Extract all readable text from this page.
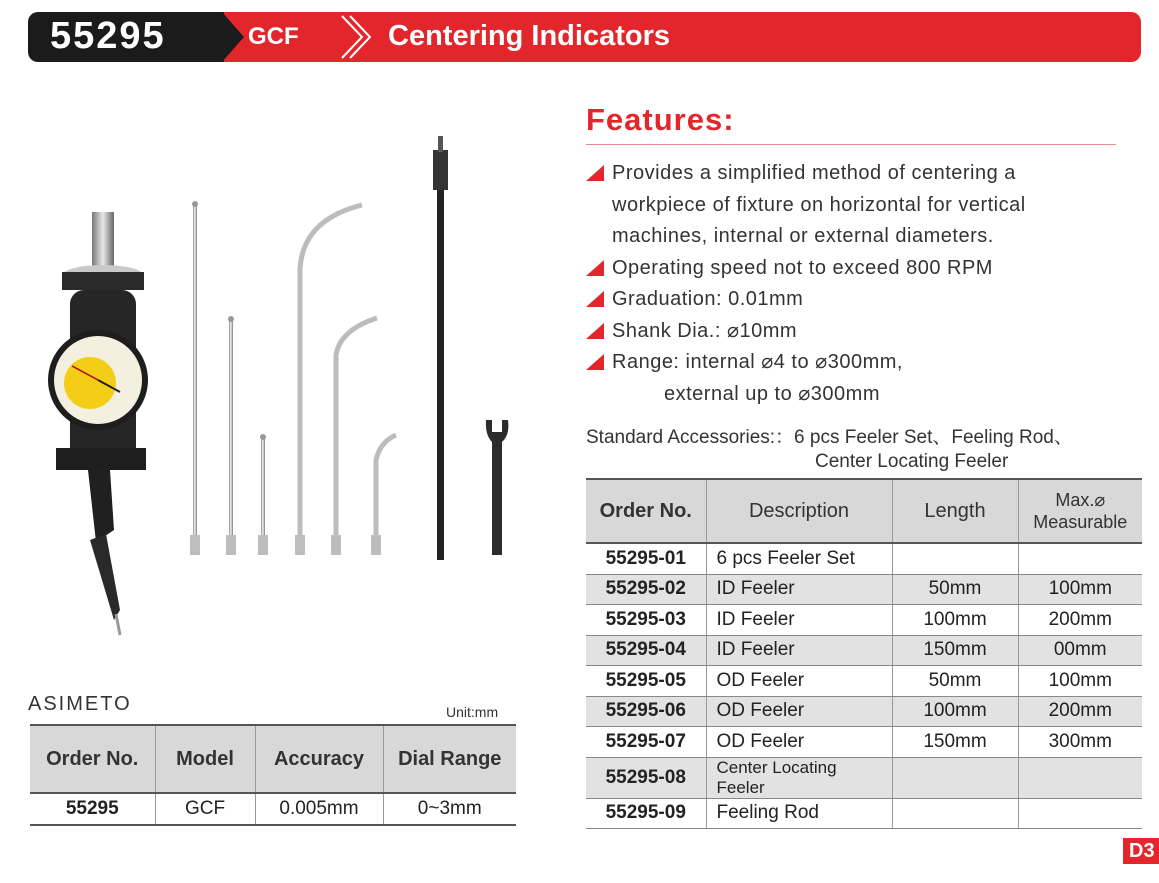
55295	GCF	Centering Indicators
Features:
Provides a simplified method of centering a
workpiece of fixture on horizontal for vertical
machines, internal or external diameters.
Operating speed not to exceed 800 RPM
Graduation: 0.01mm
Shank Dia.: ⌀10mm
Range: internal ⌀4 to ⌀300mm,
external up to ⌀300mm
Standard Accessories:：6 pcs Feeler Set、Feeling Rod、
Center Locating Feeler
Order No.	Description	Length	Max.⌀
Measurable
55295-01	6 pcs Feeler Set		
55295-02	ID Feeler	50mm	100mm
55295-03	ID Feeler	100mm	200mm
55295-04	ID Feeler	150mm	00mm
55295-05	OD Feeler	50mm	100mm
55295-06	OD Feeler	100mm	200mm
55295-07	OD Feeler	150mm	300mm
55295-08	Center Locating Feeler		
55295-09	Feeling Rod		
ASIMETO	Unit:mm
Order No.	Model	Accuracy	Dial Range
55295	GCF	0.005mm	0~3mm
D3
